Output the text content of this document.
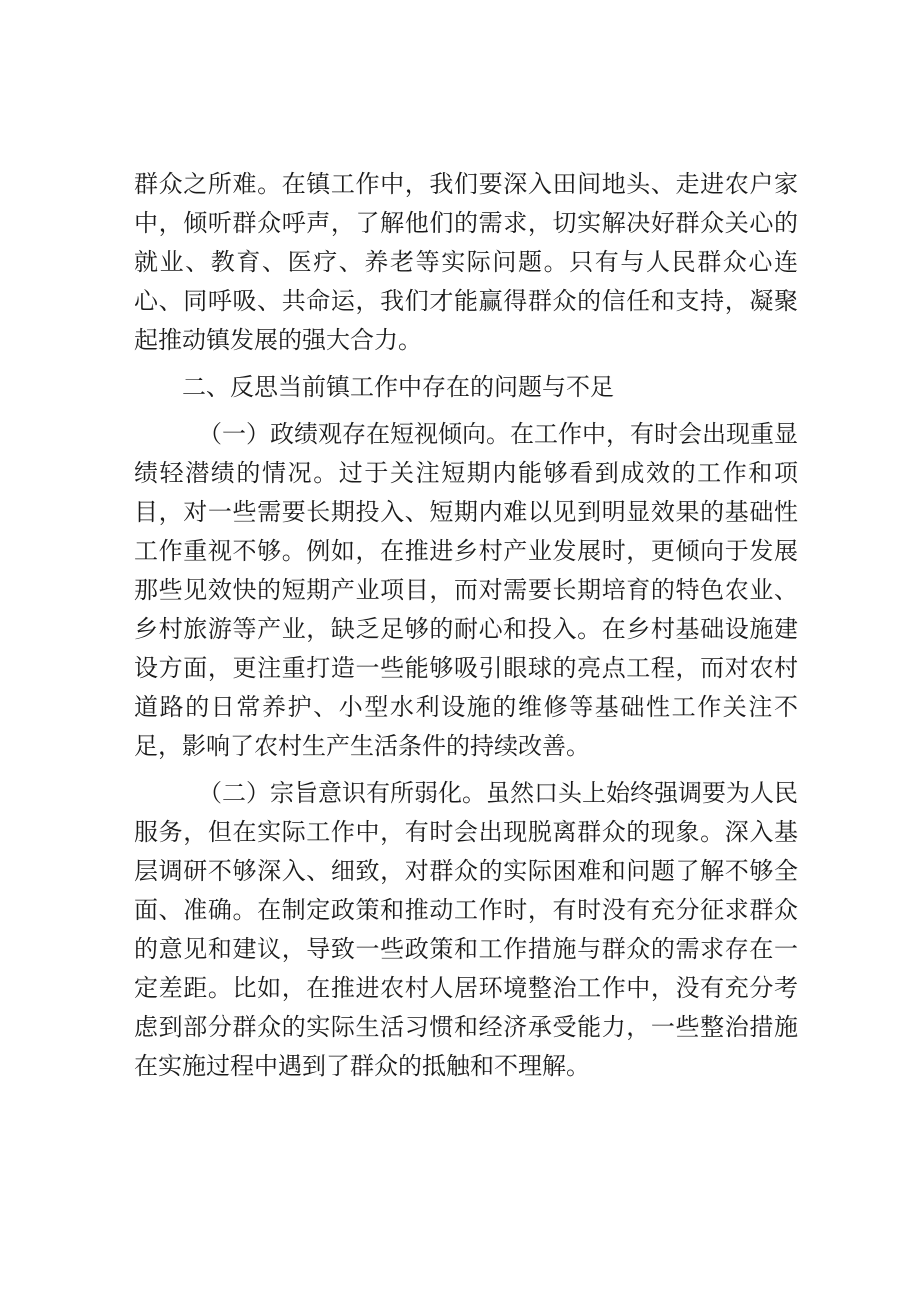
群众之所难。在镇工作中，我们要深入田间地头、走进农户家中，倾听群众呼声，了解他们的需求，切实解决好群众关心的就业、教育、医疗、养老等实际问题。只有与人民群众心连心、同呼吸、共命运，我们才能赢得群众的信任和支持，凝聚起推动镇发展的强大合力。

二、反思当前镇工作中存在的问题与不足

（一）政绩观存在短视倾向。在工作中，有时会出现重显绩轻潜绩的情况。过于关注短期内能够看到成效的工作和项目，对一些需要长期投入、短期内难以见到明显效果的基础性工作重视不够。例如，在推进乡村产业发展时，更倾向于发展那些见效快的短期产业项目，而对需要长期培育的特色农业、乡村旅游等产业，缺乏足够的耐心和投入。在乡村基础设施建设方面，更注重打造一些能够吸引眼球的亮点工程，而对农村道路的日常养护、小型水利设施的维修等基础性工作关注不足，影响了农村生产生活条件的持续改善。

（二）宗旨意识有所弱化。虽然口头上始终强调要为人民服务，但在实际工作中，有时会出现脱离群众的现象。深入基层调研不够深入、细致，对群众的实际困难和问题了解不够全面、准确。在制定政策和推动工作时，有时没有充分征求群众的意见和建议，导致一些政策和工作措施与群众的需求存在一定差距。比如，在推进农村人居环境整治工作中，没有充分考虑到部分群众的实际生活习惯和经济承受能力，一些整治措施在实施过程中遇到了群众的抵触和不理解。
